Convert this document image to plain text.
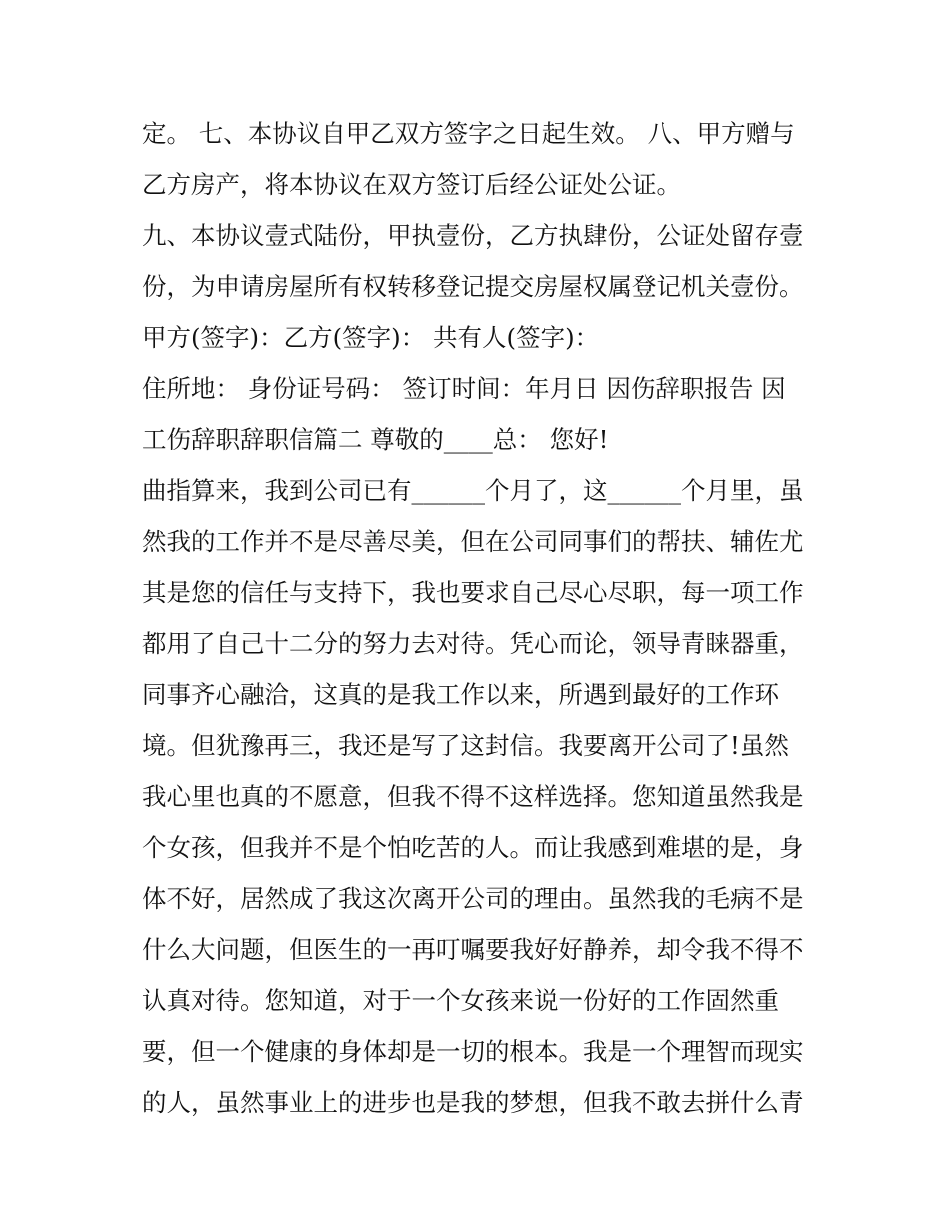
定。 七、本协议自甲乙双方签字之日起生效。 八、甲方赠与
乙方房产，将本协议在双方签订后经公证处公证。
九、本协议壹式陆份，甲执壹份，乙方执肆份，公证处留存壹
份，为申请房屋所有权转移登记提交房屋权属登记机关壹份。
甲方(签字)：乙方(签字)： 共有人(签字)：
住所地： 身份证号码： 签订时间：年月日 因伤辞职报告 因
工伤辞职辞职信篇二 尊敬的____总： 您好!
曲指算来，我到公司已有______个月了，这______个月里，虽
然我的工作并不是尽善尽美，但在公司同事们的帮扶、辅佐尤
其是您的信任与支持下，我也要求自己尽心尽职，每一项工作
都用了自己十二分的努力去对待。凭心而论，领导青睐器重，
同事齐心融洽，这真的是我工作以来，所遇到最好的工作环
境。但犹豫再三，我还是写了这封信。我要离开公司了!虽然
我心里也真的不愿意，但我不得不这样选择。您知道虽然我是
个女孩，但我并不是个怕吃苦的人。而让我感到难堪的是，身
体不好，居然成了我这次离开公司的理由。虽然我的毛病不是
什么大问题，但医生的一再叮嘱要我好好静养，却令我不得不
认真对待。您知道，对于一个女孩来说一份好的工作固然重
要，但一个健康的身体却是一切的根本。我是一个理智而现实
的人，虽然事业上的进步也是我的梦想，但我不敢去拼什么青
